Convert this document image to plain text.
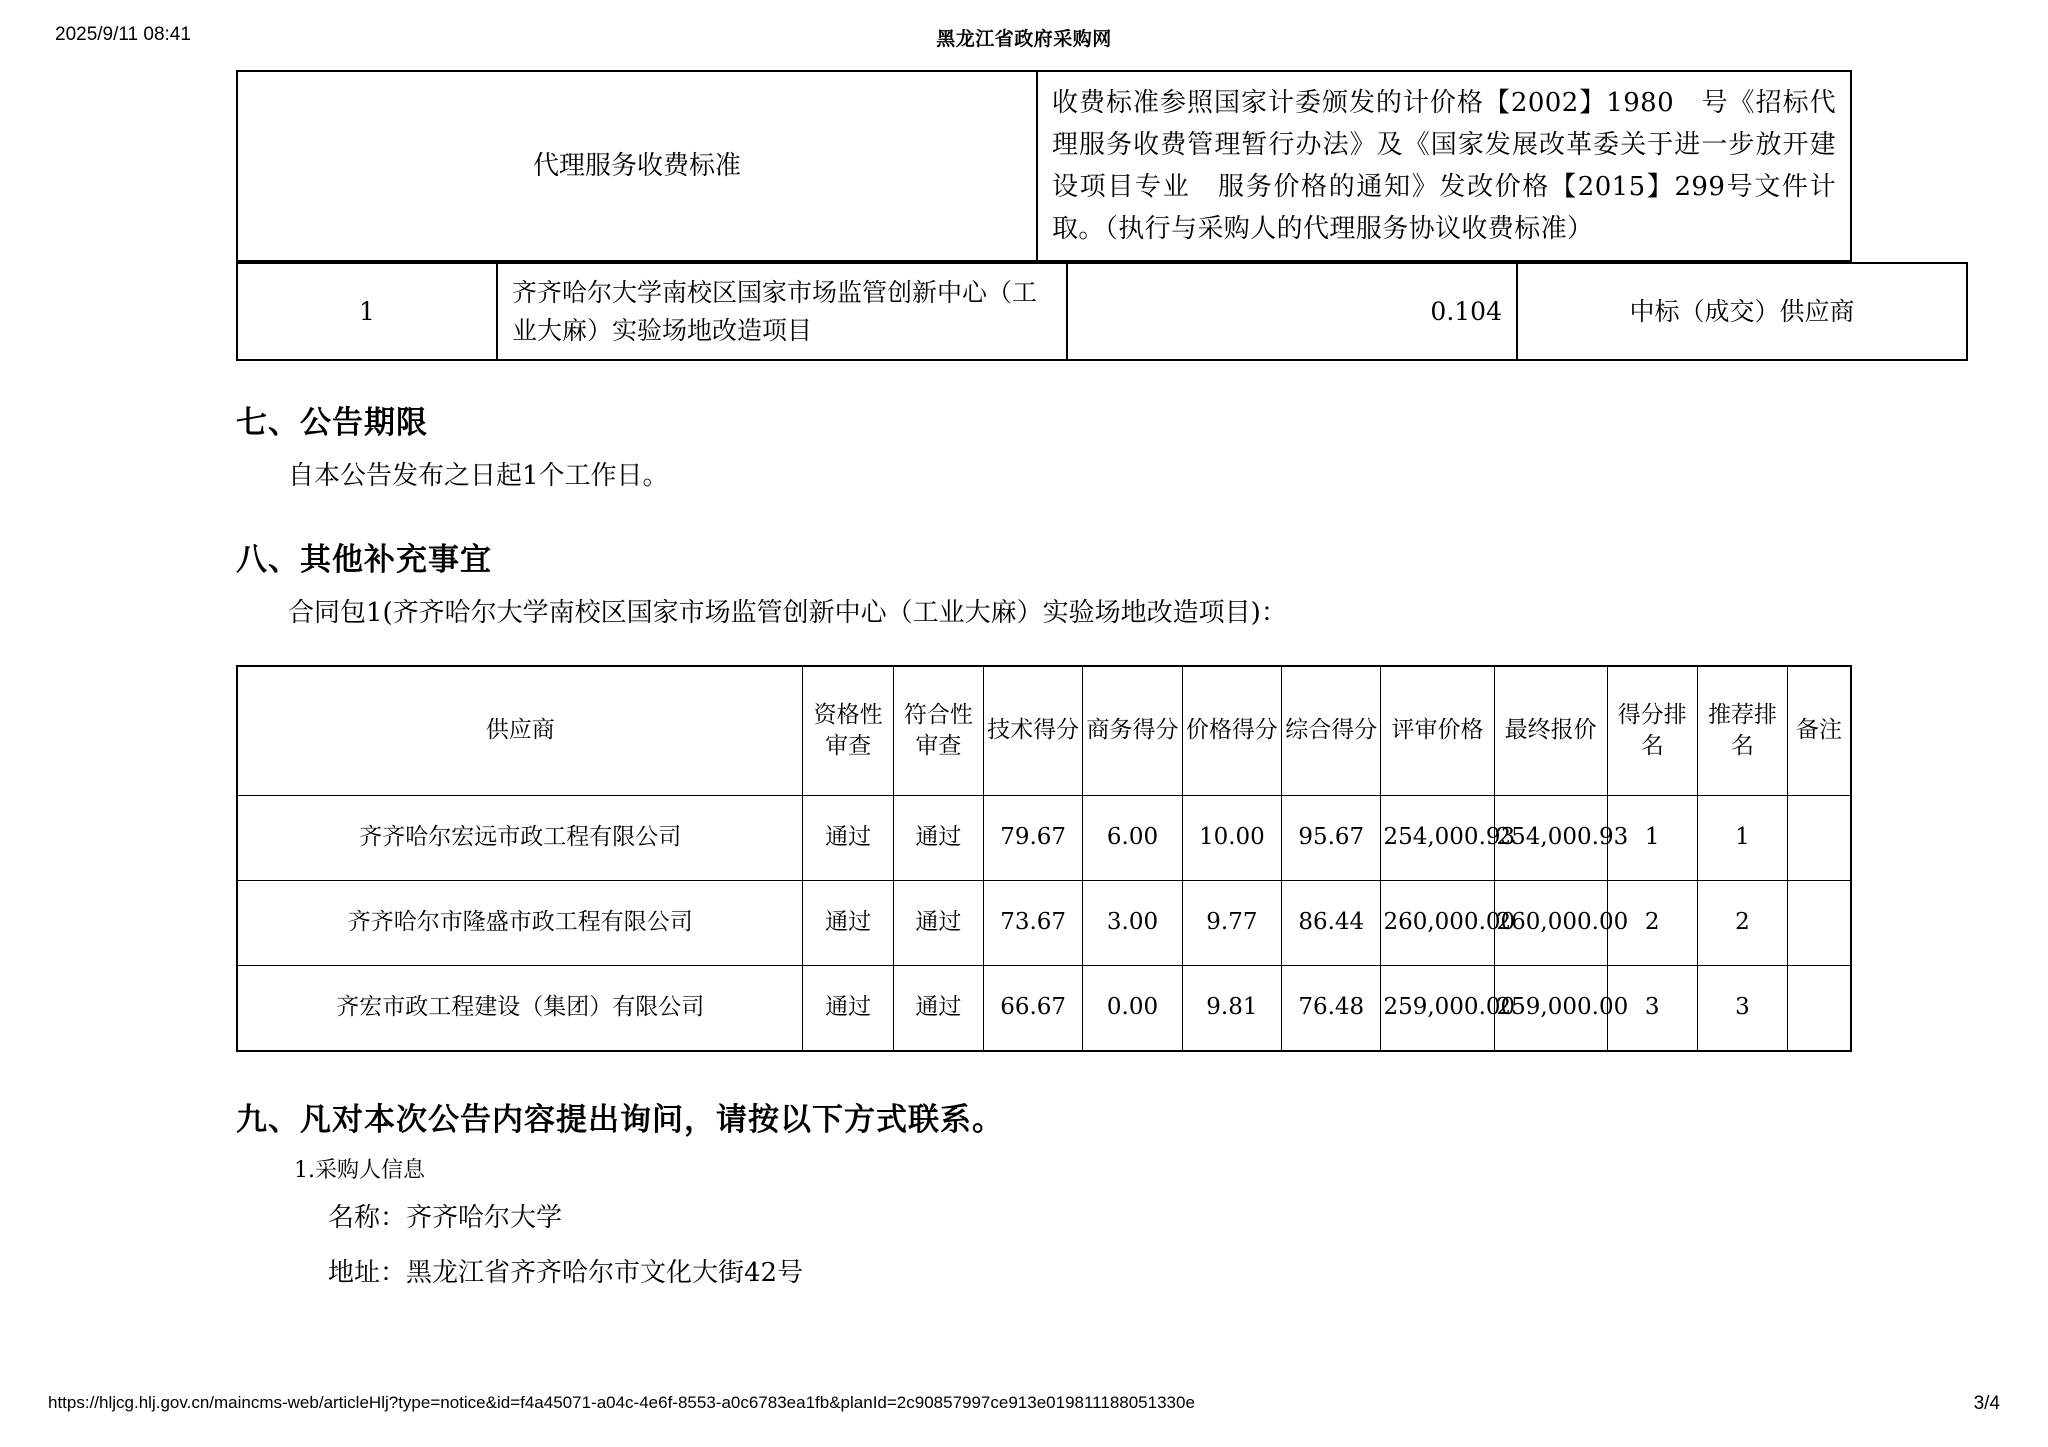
2025/9/11 08:41	黑龙江省政府采购网
代理服务收费标准	收费标准参照国家计委颁发的计价格【2002】1980　号《招标代理服务收费管理暂行办法》及《国家发展改革委关于进一步放开建设项目专业　服务价格的通知》发改价格【2015】299号文件计取。（执行与采购人的代理服务协议收费标准）
1	齐齐哈尔大学南校区国家市场监管创新中心（工业大麻）实验场地改造项目	0.104	中标（成交）供应商
七、公告期限

自本公告发布之日起1个工作日。

八、其他补充事宜

合同包1(齐齐哈尔大学南校区国家市场监管创新中心（工业大麻）实验场地改造项目)：

供应商	资格性审查	符合性审查	技术得分	商务得分	价格得分	综合得分	评审价格	最终报价	得分排名	推荐排名	备注
齐齐哈尔宏远市政工程有限公司	通过	通过	79.67	6.00	10.00	95.67	254,000.93	254,000.93	1	1	
齐齐哈尔市隆盛市政工程有限公司	通过	通过	73.67	3.00	9.77	86.44	260,000.00	260,000.00	2	2	
齐宏市政工程建设（集团）有限公司	通过	通过	66.67	0.00	9.81	76.48	259,000.00	259,000.00	3	3	
九、凡对本次公告内容提出询问，请按以下方式联系。

1.采购人信息

名称：齐齐哈尔大学

地址：黑龙江省齐齐哈尔市文化大街42号

https://hljcg.hlj.gov.cn/maincms-web/articleHlj?type=notice&id=f4a45071-a04c-4e6f-8553-a0c6783ea1fb&planId=2c90857997ce913e019811188051330e	3/4
